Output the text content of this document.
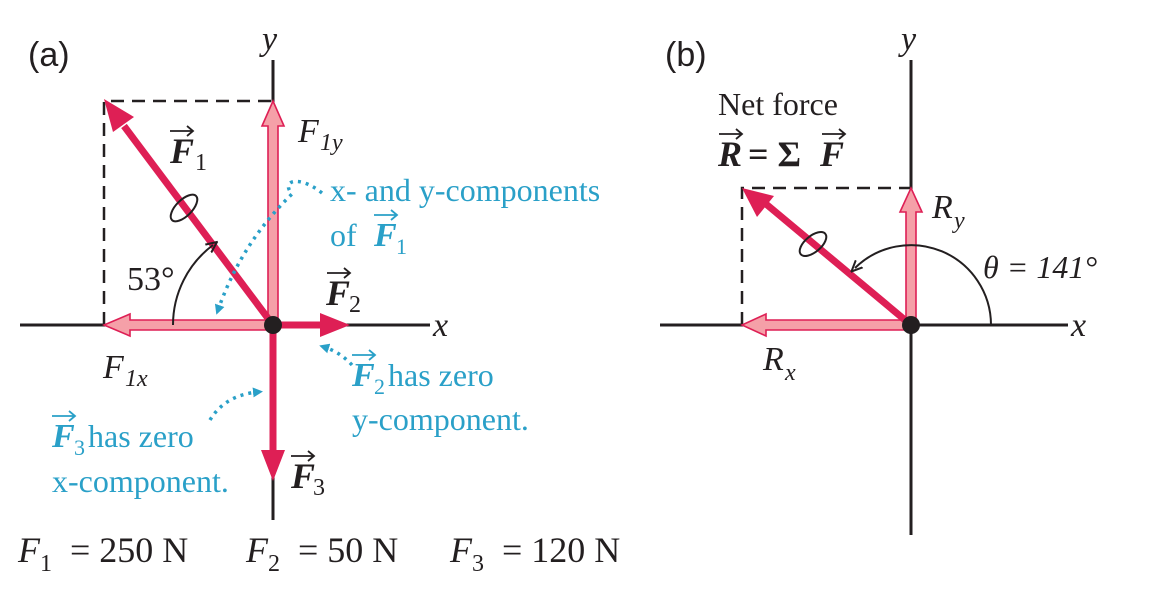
(a)
x
y
53°
F 1
F
2
F
3
F 1y
F 1x
x- and y-components
of F 1
F 2 has zero
y-component.
F 3 has zero
x-component.
F 1 = 250 N F 2 = 50 N F 3 = 120 N
(b)
x
y
Net force
R = Σ F
θ = 141°
R y
R x
